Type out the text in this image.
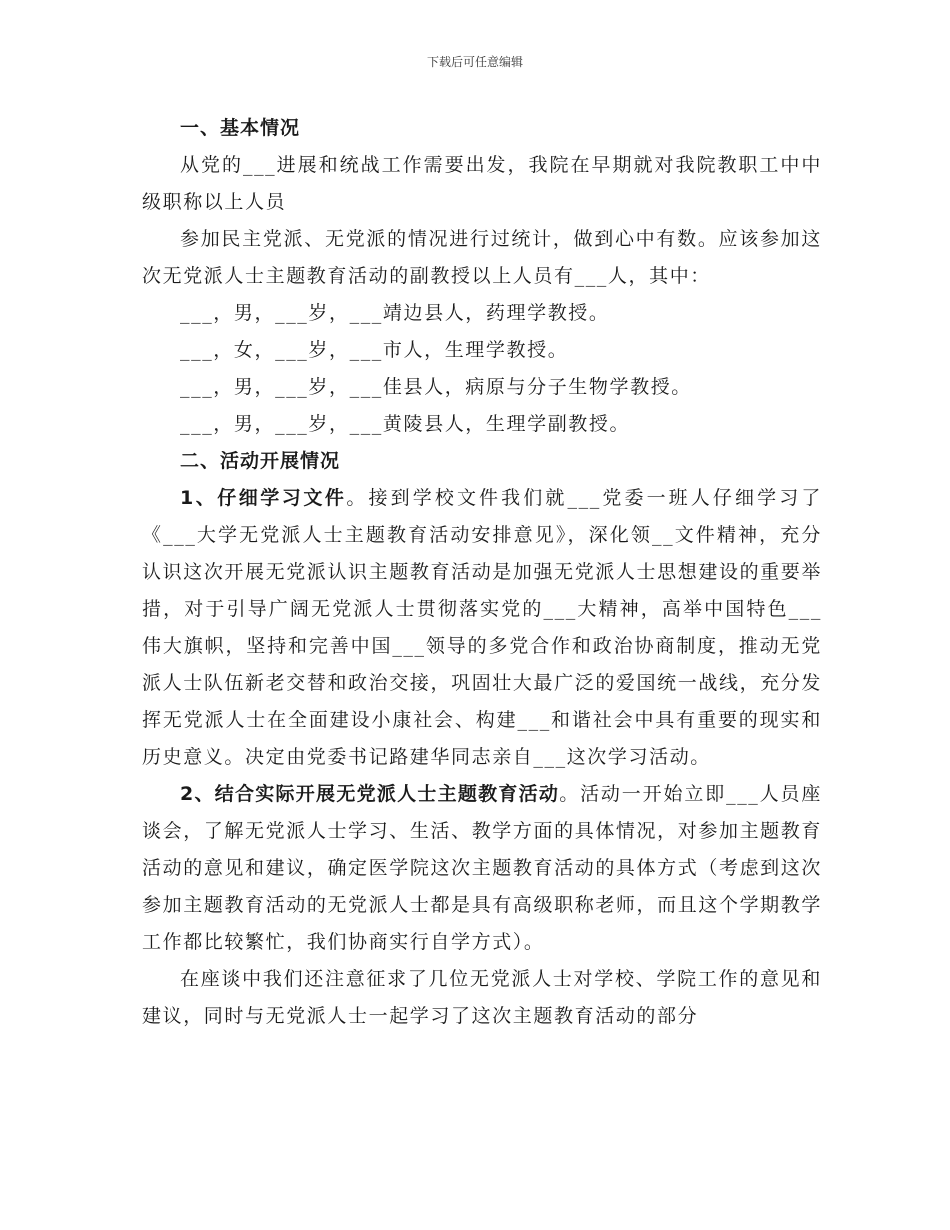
下载后可任意编辑

一、基本情况

从党的___进展和统战工作需要出发，我院在早期就对我院教职工中中级职称以上人员

参加民主党派、无党派的情况进行过统计，做到心中有数。应该参加这次无党派人士主题教育活动的副教授以上人员有___人，其中：

___，男，___岁，___靖边县人，药理学教授。

___，女，___岁，___市人，生理学教授。

___，男，___岁，___佳县人，病原与分子生物学教授。

___，男，___岁，___黄陵县人，生理学副教授。

二、活动开展情况

1、仔细学习文件。接到学校文件我们就___党委一班人仔细学习了《___大学无党派人士主题教育活动安排意见》，深化领__文件精神，充分认识这次开展无党派认识主题教育活动是加强无党派人士思想建设的重要举措，对于引导广阔无党派人士贯彻落实党的___大精神，高举中国特色___伟大旗帜，坚持和完善中国___领导的多党合作和政治协商制度，推动无党派人士队伍新老交替和政治交接，巩固壮大最广泛的爱国统一战线，充分发挥无党派人士在全面建设小康社会、构建___和谐社会中具有重要的现实和历史意义。决定由党委书记路建华同志亲自___这次学习活动。

2、结合实际开展无党派人士主题教育活动。活动一开始立即___人员座谈会，了解无党派人士学习、生活、教学方面的具体情况，对参加主题教育活动的意见和建议，确定医学院这次主题教育活动的具体方式（考虑到这次参加主题教育活动的无党派人士都是具有高级职称老师，而且这个学期教学工作都比较繁忙，我们协商实行自学方式）。

在座谈中我们还注意征求了几位无党派人士对学校、学院工作的意见和建议，同时与无党派人士一起学习了这次主题教育活动的部分
